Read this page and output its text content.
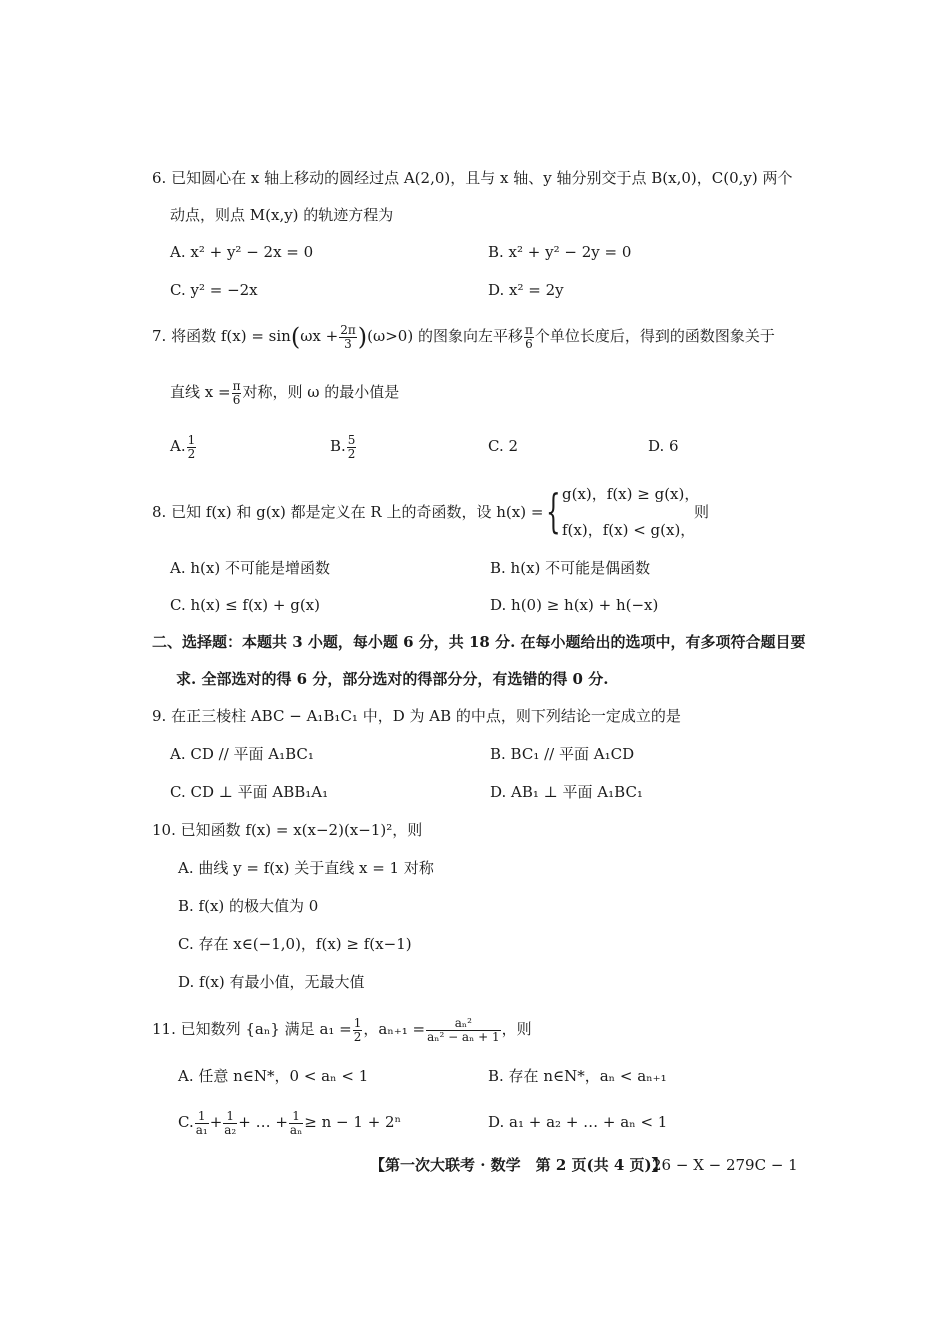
6. 已知圆心在 x 轴上移动的圆经过点 A(2,0)，且与 x 轴、y 轴分别交于点 B(x,0)，C(0,y) 两个
动点，则点 M(x,y) 的轨迹方程为
A. x² + y² − 2x = 0	B. x² + y² − 2y = 0
C. y² = −2x	D. x² = 2y
7. 将函数 $f(x) = \sin(\omega x + \frac{2\pi}{3} )(\omega>0)$ 的图象向左平移 $\frac{\pi}{6}$ 个单位长度后，得到的函数图象关于
直线 $x = \frac{\pi}{6}$ 对称，则 ω 的最小值是
A. $\frac{1}{2}$	B. $\frac{5}{2}$	C. 2	D. 6
8. 已知 f(x) 和 g(x) 都是定义在 R 上的奇函数，设 h(x) = { g(x)，f(x) ≥ g(x)，
f(x)，f(x) < g(x)，
则
A. h(x) 不可能是增函数	B. h(x) 不可能是偶函数
C. h(x) ≤ f(x) + g(x)	D. h(0) ≥ h(x) + h(−x)
二、选择题：本题共 3 小题，每小题 6 分，共 18 分. 在每小题给出的选项中，有多项符合题目要
求. 全部选对的得 6 分，部分选对的得部分分，有选错的得 0 分.
9. 在正三棱柱 ABC − A₁B₁C₁ 中，D 为 AB 的中点，则下列结论一定成立的是
A. CD // 平面 A₁BC₁	B. BC₁ // 平面 A₁CD
C. CD ⊥ 平面 ABB₁A₁	D. AB₁ ⊥ 平面 A₁BC₁
10. 已知函数 f(x) = x(x−2)(x−1)²，则
A. 曲线 y = f(x) 关于直线 x = 1 对称
B. f(x) 的极大值为 0
C. 存在 x∈(−1,0)，f(x) ≥ f(x−1)
D. f(x) 有最小值，无最大值
11. 已知数列 {aₙ} 满足 $a_1 = \frac{1}{2}$ ，$a_{n+1} = \frac{\text{aₙ²}}{\text{aₙ² − aₙ + 1}}$ ，则
A. 任意 n∈N*，0 < aₙ < 1	B. 存在 n∈N*，aₙ < aₙ₊₁
C. $\frac{1}{\text{a₁}} + \frac{1}{\text{a₂}}$ + … + $\frac{1}{\text{aₙ}} \ge n - 1 + 2^n$	D. a₁ + a₂ + … + aₙ < 1
【第一次大联考 · 数学　第 2 页(共 4 页)】
26 − X − 279C − 1
